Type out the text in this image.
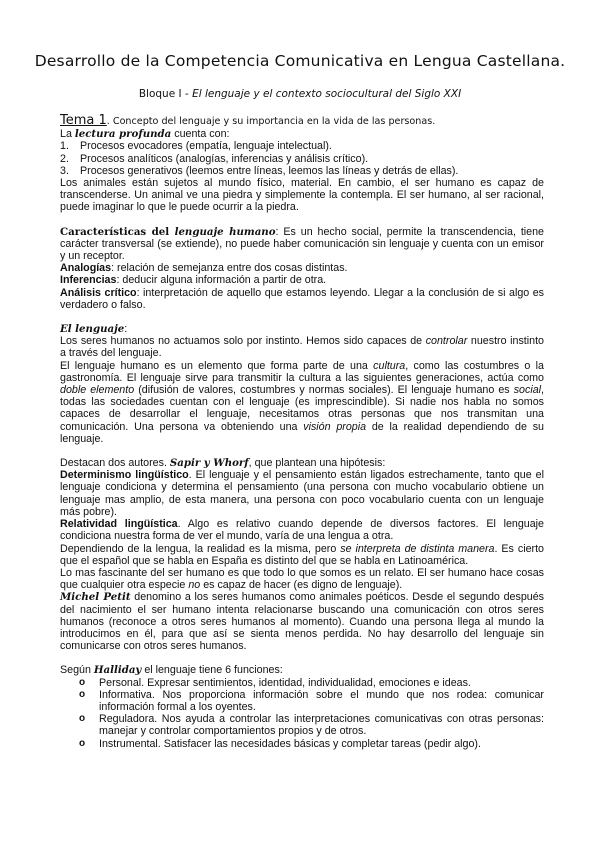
Desarrollo de la Competencia Comunicativa en Lengua Castellana.
Bloque I - El lenguaje y el contexto sociocultural del Siglo XXI

Tema 1. Concepto del lenguaje y su importancia en la vida de las personas.

La lectura profunda cuenta con:

1. Procesos evocadores (empatía, lenguaje intelectual).
2. Procesos analíticos (analogías, inferencias y análisis crítico).
3. Procesos generativos (leemos entre líneas, leemos las líneas y detrás de ellas).

Los animales están sujetos al mundo físico, material. En cambio, el ser humano es capaz de transcenderse. Un animal ve una piedra y simplemente la contempla. El ser humano, al ser racional, puede imaginar lo que le puede ocurrir a la piedra.

Características del lenguaje humano: Es un hecho social, permite la transcendencia, tiene carácter transversal (se extiende), no puede haber comunicación sin lenguaje y cuenta con un emisor y un receptor.

Analogías: relación de semejanza entre dos cosas distintas.

Inferencias: deducir alguna información a partir de otra.

Análisis crítico: interpretación de aquello que estamos leyendo. Llegar a la conclusión de si algo es verdadero o falso.

El lenguaje:

Los seres humanos no actuamos solo por instinto. Hemos sido capaces de controlar nuestro instinto a través del lenguaje.

El lenguaje humano es un elemento que forma parte de una cultura, como las costumbres o la gastronomía. El lenguaje sirve para transmitir la cultura a las siguientes generaciones, actúa como doble elemento (difusión de valores, costumbres y normas sociales). El lenguaje humano es social, todas las sociedades cuentan con el lenguaje (es imprescindible). Si nadie nos habla no somos capaces de desarrollar el lenguaje, necesitamos otras personas que nos transmitan una comunicación. Una persona va obteniendo una visión propia de la realidad dependiendo de su lenguaje.

Destacan dos autores. Sapir y Whorf, que plantean una hipótesis:

Determinismo lingüístico. El lenguaje y el pensamiento están ligados estrechamente, tanto que el lenguaje condiciona y determina el pensamiento (una persona con mucho vocabulario obtiene un lenguaje mas amplio, de esta manera, una persona con poco vocabulario cuenta con un lenguaje más pobre).

Relatividad lingüística. Algo es relativo cuando depende de diversos factores. El lenguaje condiciona nuestra forma de ver el mundo, varía de una lengua a otra.

Dependiendo de la lengua, la realidad es la misma, pero se interpreta de distinta manera. Es cierto que el español que se habla en España es distinto del que se habla en Latinoamérica.

Lo mas fascinante del ser humano es que todo lo que somos es un relato. El ser humano hace cosas que cualquier otra especie no es capaz de hacer (es digno de lenguaje).

Michel Petit denomino a los seres humanos como animales poéticos. Desde el segundo después del nacimiento el ser humano intenta relacionarse buscando una comunicación con otros seres humanos (reconoce a otros seres humanos al momento). Cuando una persona llega al mundo la introducimos en él, para que así se sienta menos perdida. No hay desarrollo del lenguaje sin comunicarse con otros seres humanos.

Según Halliday el lenguaje tiene 6 funciones:

o Personal. Expresar sentimientos, identidad, individualidad, emociones e ideas.
o Informativa. Nos proporciona información sobre el mundo que nos rodea: comunicar información formal a los oyentes.
o Reguladora. Nos ayuda a controlar las interpretaciones comunicativas con otras personas: manejar y controlar comportamientos propios y de otros.
o Instrumental. Satisfacer las necesidades básicas y completar tareas (pedir algo).
